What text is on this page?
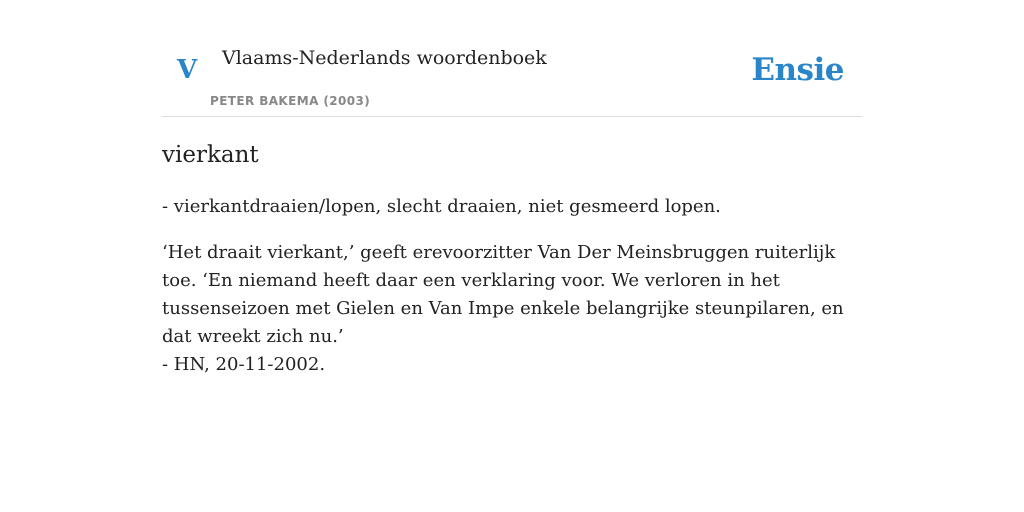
V Vlaams-Nederlands woordenboek
PETER BAKEMA (2003)
Ensie
vierkant

- vierkantdraaien/lopen, slecht draaien, niet gesmeerd lopen.

‘Het draait vierkant,’ geeft erevoorzitter Van Der Meinsbruggen ruiterlijk toe. ‘En niemand heeft daar een verklaring voor. We verloren in het tussenseizoen met Gielen en Van Impe enkele belangrijke steunpilaren, en dat wreekt zich nu.’

- HN, 20-11-2002.
